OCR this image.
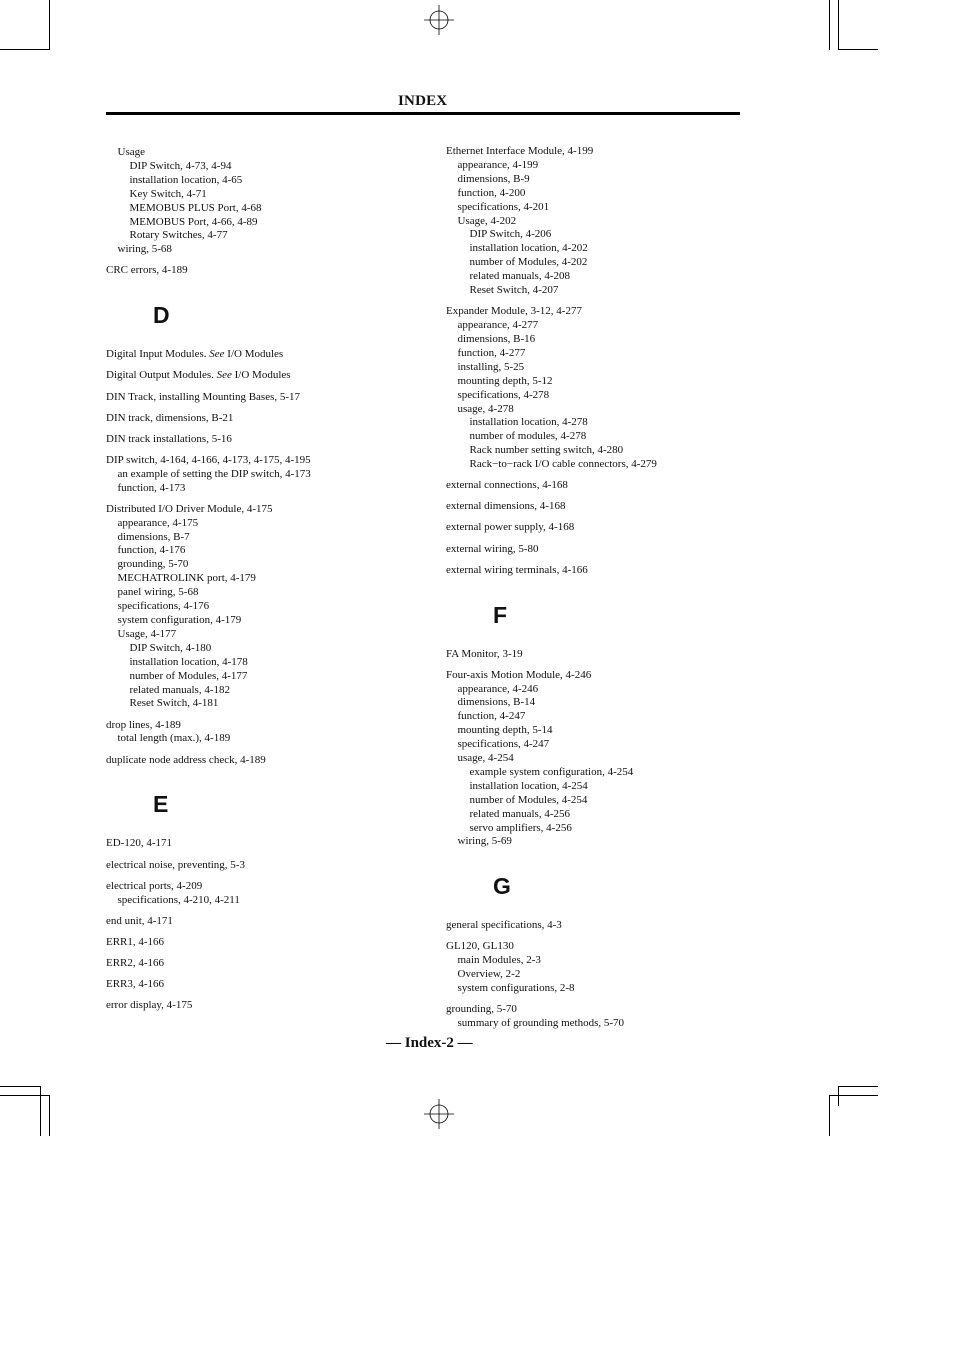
INDEX
Usage
DIP Switch, 4-73, 4-94
installation location, 4-65
Key Switch, 4-71
MEMOBUS PLUS Port, 4-68
MEMOBUS Port, 4-66, 4-89
Rotary Switches, 4-77
wiring, 5-68
CRC errors, 4-189
D
Digital Input Modules. See I/O Modules
Digital Output Modules. See I/O Modules
DIN Track, installing Mounting Bases, 5-17
DIN track, dimensions, B-21
DIN track installations, 5-16
DIP switch, 4-164, 4-166, 4-173, 4-175, 4-195
an example of setting the DIP switch, 4-173
function, 4-173
Distributed I/O Driver Module, 4-175
appearance, 4-175
dimensions, B-7
function, 4-176
grounding, 5-70
MECHATROLINK port, 4-179
panel wiring, 5-68
specifications, 4-176
system configuration, 4-179
Usage, 4-177
DIP Switch, 4-180
installation location, 4-178
number of Modules, 4-177
related manuals, 4-182
Reset Switch, 4-181
drop lines, 4-189
total length (max.), 4-189
duplicate node address check, 4-189
E
ED-120, 4-171
electrical noise, preventing, 5-3
electrical ports, 4-209
specifications, 4-210, 4-211
end unit, 4-171
ERR1, 4-166
ERR2, 4-166
ERR3, 4-166
error display, 4-175
Ethernet Interface Module, 4-199
appearance, 4-199
dimensions, B-9
function, 4-200
specifications, 4-201
Usage, 4-202
DIP Switch, 4-206
installation location, 4-202
number of Modules, 4-202
related manuals, 4-208
Reset Switch, 4-207
Expander Module, 3-12, 4-277
appearance, 4-277
dimensions, B-16
function, 4-277
installing, 5-25
mounting depth, 5-12
specifications, 4-278
usage, 4-278
installation location, 4-278
number of modules, 4-278
Rack number setting switch, 4-280
Rack−to−rack I/O cable connectors, 4-279
external connections, 4-168
external dimensions, 4-168
external power supply, 4-168
external wiring, 5-80
external wiring terminals, 4-166
F
FA Monitor, 3-19
Four-axis Motion Module, 4-246
appearance, 4-246
dimensions, B-14
function, 4-247
mounting depth, 5-14
specifications, 4-247
usage, 4-254
example system configuration, 4-254
installation location, 4-254
number of Modules, 4-254
related manuals, 4-256
servo amplifiers, 4-256
wiring, 5-69
G
general specifications, 4-3
GL120, GL130
main Modules, 2-3
Overview, 2-2
system configurations, 2-8
grounding, 5-70
summary of grounding methods, 5-70
— Index-2 —
